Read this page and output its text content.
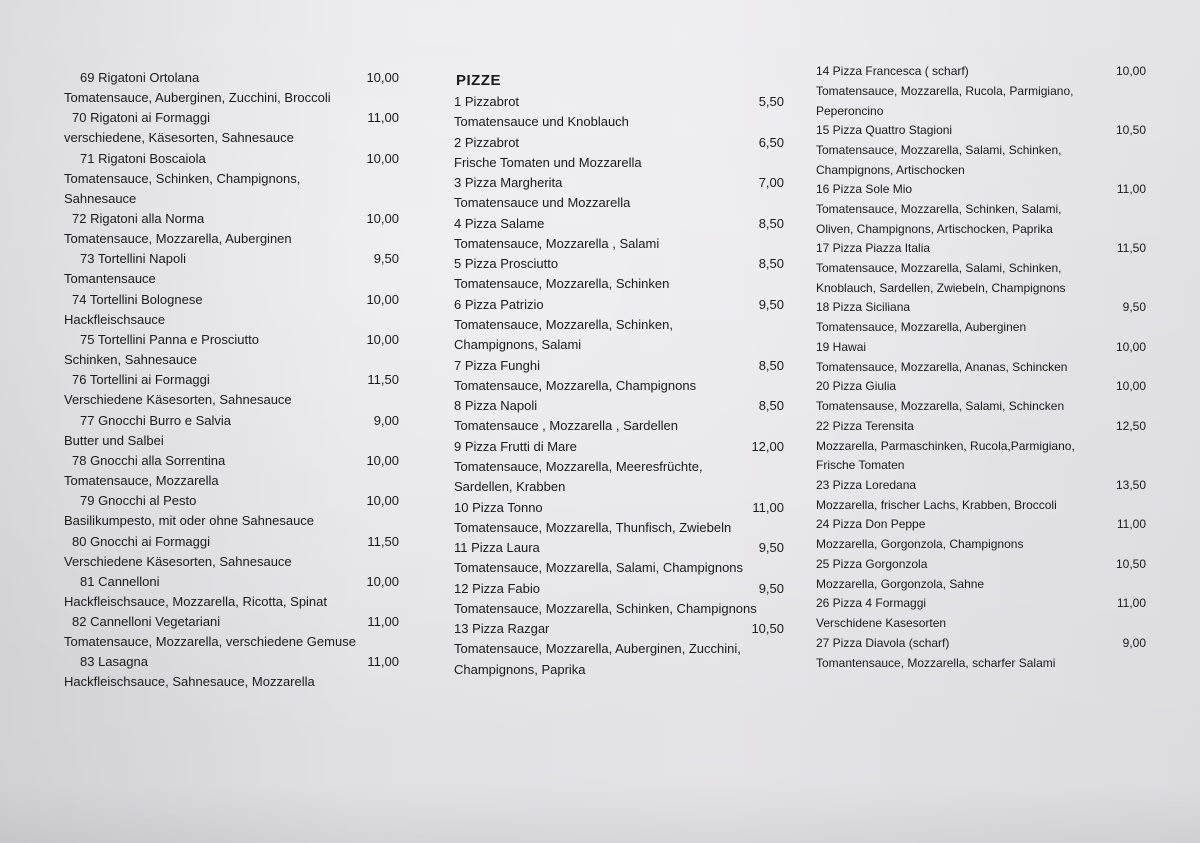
69 Rigatoni Ortolana	10,00
Tomatensauce, Auberginen, Zucchini, Broccoli
70 Rigatoni ai Formaggi	11,00
verschiedene, Käsesorten, Sahnesauce
71 Rigatoni Boscaiola	10,00
Tomatensauce, Schinken, Champignons,
Sahnesauce
72 Rigatoni alla Norma	10,00
Tomatensauce, Mozzarella, Auberginen
73 Tortellini Napoli	9,50
Tomantensauce
74 Tortellini Bolognese	10,00
Hackfleischsauce
75 Tortellini Panna e Prosciutto	10,00
Schinken, Sahnesauce
76 Tortellini ai Formaggi	11,50
Verschiedene Käsesorten, Sahnesauce
77 Gnocchi Burro e Salvia	9,00
Butter und Salbei
78 Gnocchi alla Sorrentina	10,00
Tomatensauce, Mozzarella
79 Gnocchi al Pesto	10,00
Basilikumpesto, mit oder ohne Sahnesauce
80 Gnocchi ai Formaggi	11,50
Verschiedene Käsesorten, Sahnesauce
81 Cannelloni	10,00
Hackfleischsauce, Mozzarella, Ricotta, Spinat
82 Cannelloni Vegetariani	11,00
Tomatensauce, Mozzarella, verschiedene Gemuse
83 Lasagna	11,00
Hackfleischsauce, Sahnesauce, Mozzarella
PIZZE
1 Pizzabrot	5,50
Tomatensauce und Knoblauch
2 Pizzabrot	6,50
Frische Tomaten und Mozzarella
3 Pizza Margherita	7,00
Tomatensauce und Mozzarella
4 Pizza Salame	8,50
Tomatensauce, Mozzarella , Salami
5 Pizza Prosciutto	8,50
Tomatensauce, Mozzarella, Schinken
6 Pizza Patrizio	9,50
Tomatensauce, Mozzarella, Schinken,
Champignons, Salami
7 Pizza Funghi	8,50
Tomatensauce, Mozzarella, Champignons
8 Pizza Napoli	8,50
Tomatensauce , Mozzarella , Sardellen
9 Pizza Frutti di Mare	12,00
Tomatensauce, Mozzarella, Meeresfrüchte,
Sardellen, Krabben
10 Pizza Tonno	11,00
Tomatensauce, Mozzarella, Thunfisch, Zwiebeln
11 Pizza Laura	9,50
Tomatensauce, Mozzarella, Salami, Champignons
12 Pizza Fabio	9,50
Tomatensauce, Mozzarella, Schinken, Champignons
13 Pizza Razgar	10,50
Tomatensauce, Mozzarella, Auberginen, Zucchini,
Champignons, Paprika
14 Pizza Francesca ( scharf)	10,00
Tomatensauce, Mozzarella, Rucola, Parmigiano,
Peperoncino
15 Pizza Quattro Stagioni	10,50
Tomatensauce, Mozzarella, Salami, Schinken,
Champignons, Artischocken
16 Pizza Sole Mio	11,00
Tomatensauce, Mozzarella, Schinken, Salami,
Oliven, Champignons, Artischocken, Paprika
17 Pizza Piazza Italia	11,50
Tomatensauce, Mozzarella, Salami, Schinken,
Knoblauch, Sardellen, Zwiebeln, Champignons
18 Pizza Siciliana	9,50
Tomatensauce, Mozzarella, Auberginen
19 Hawai	10,00
Tomatensauce, Mozzarella, Ananas, Schincken
20 Pizza Giulia	10,00
Tomatensause, Mozzarella, Salami, Schincken
22 Pizza Terensita	12,50
Mozzarella, Parmaschinken, Rucola,Parmigiano,
Frische Tomaten
23 Pizza Loredana	13,50
Mozzarella, frischer Lachs, Krabben, Broccoli
24 Pizza Don Peppe	11,00
Mozzarella, Gorgonzola, Champignons
25 Pizza Gorgonzola	10,50
Mozzarella, Gorgonzola, Sahne
26 Pizza 4 Formaggi	11,00
Verschidene Kasesorten
27 Pizza Diavola (scharf)	9,00
Tomantensauce, Mozzarella, scharfer Salami
